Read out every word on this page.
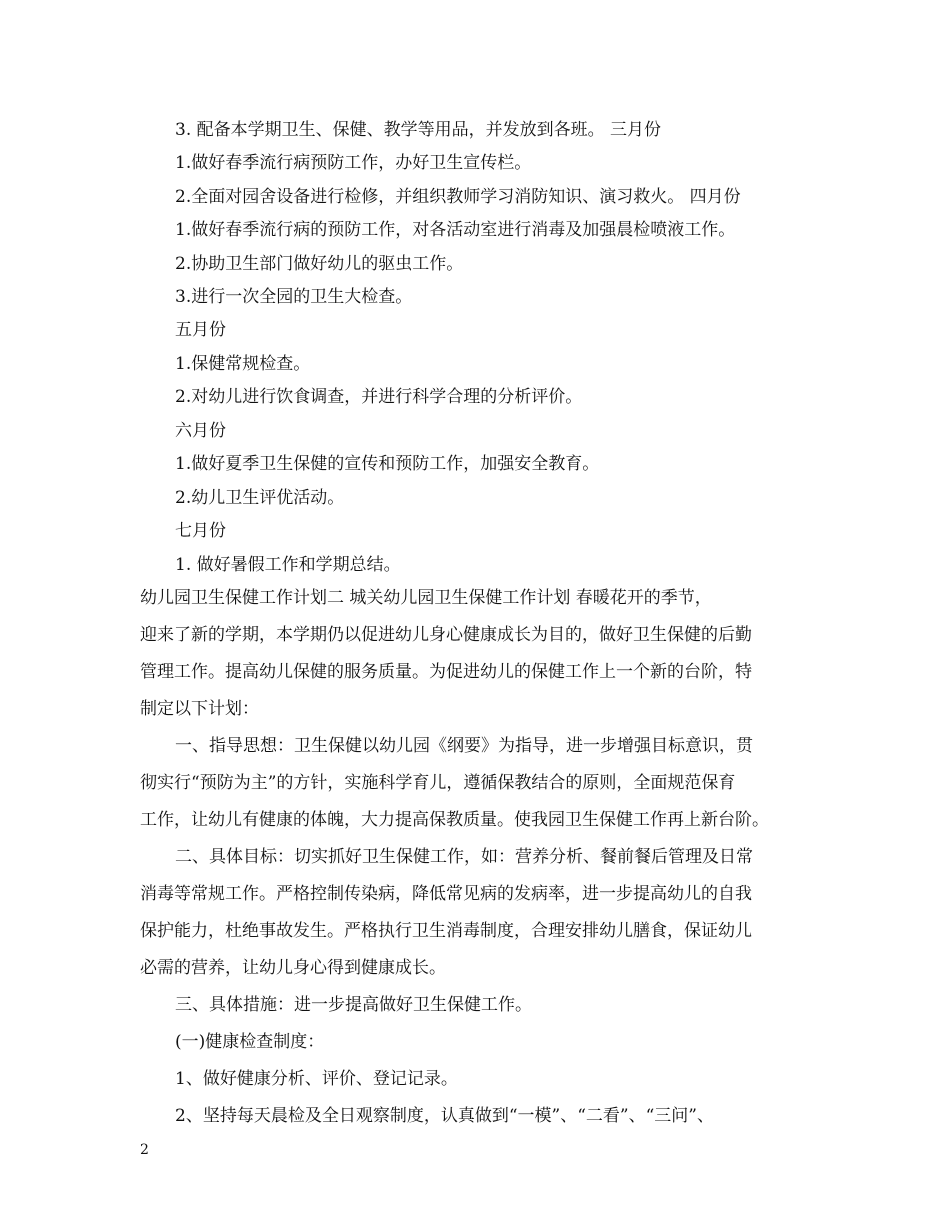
3. 配备本学期卫生、保健、教学等用品，并发放到各班。 三月份
1.做好春季流行病预防工作，办好卫生宣传栏。
2.全面对园舍设备进行检修，并组织教师学习消防知识、演习救火。 四月份
1.做好春季流行病的预防工作，对各活动室进行消毒及加强晨检喷液工作。
2.协助卫生部门做好幼儿的驱虫工作。
3.进行一次全园的卫生大检查。
五月份
1.保健常规检查。
2.对幼儿进行饮食调查，并进行科学合理的分析评价。
六月份
1.做好夏季卫生保健的宣传和预防工作，加强安全教育。
2.幼儿卫生评优活动。
七月份
1. 做好暑假工作和学期总结。
幼儿园卫生保健工作计划二 城关幼儿园卫生保健工作计划 春暖花开的季节，
迎来了新的学期，本学期仍以促进幼儿身心健康成长为目的，做好卫生保健的后勤
管理工作。提高幼儿保健的服务质量。为促进幼儿的保健工作上一个新的台阶，特
制定以下计划：
一、指导思想：卫生保健以幼儿园《纲要》为指导，进一步增强目标意识，贯
彻实行“预防为主”的方针，实施科学育儿，遵循保教结合的原则，全面规范保育
工作，让幼儿有健康的体魄，大力提高保教质量。使我园卫生保健工作再上新台阶。
二、具体目标：切实抓好卫生保健工作，如：营养分析、餐前餐后管理及日常
消毒等常规工作。严格控制传染病，降低常见病的发病率，进一步提高幼儿的自我
保护能力，杜绝事故发生。严格执行卫生消毒制度，合理安排幼儿膳食，保证幼儿
必需的营养，让幼儿身心得到健康成长。
三、具体措施：进一步提高做好卫生保健工作。
(一)健康检查制度：
1、做好健康分析、评价、登记记录。
2、坚持每天晨检及全日观察制度，认真做到“一模”、“二看”、“三问”、
2
